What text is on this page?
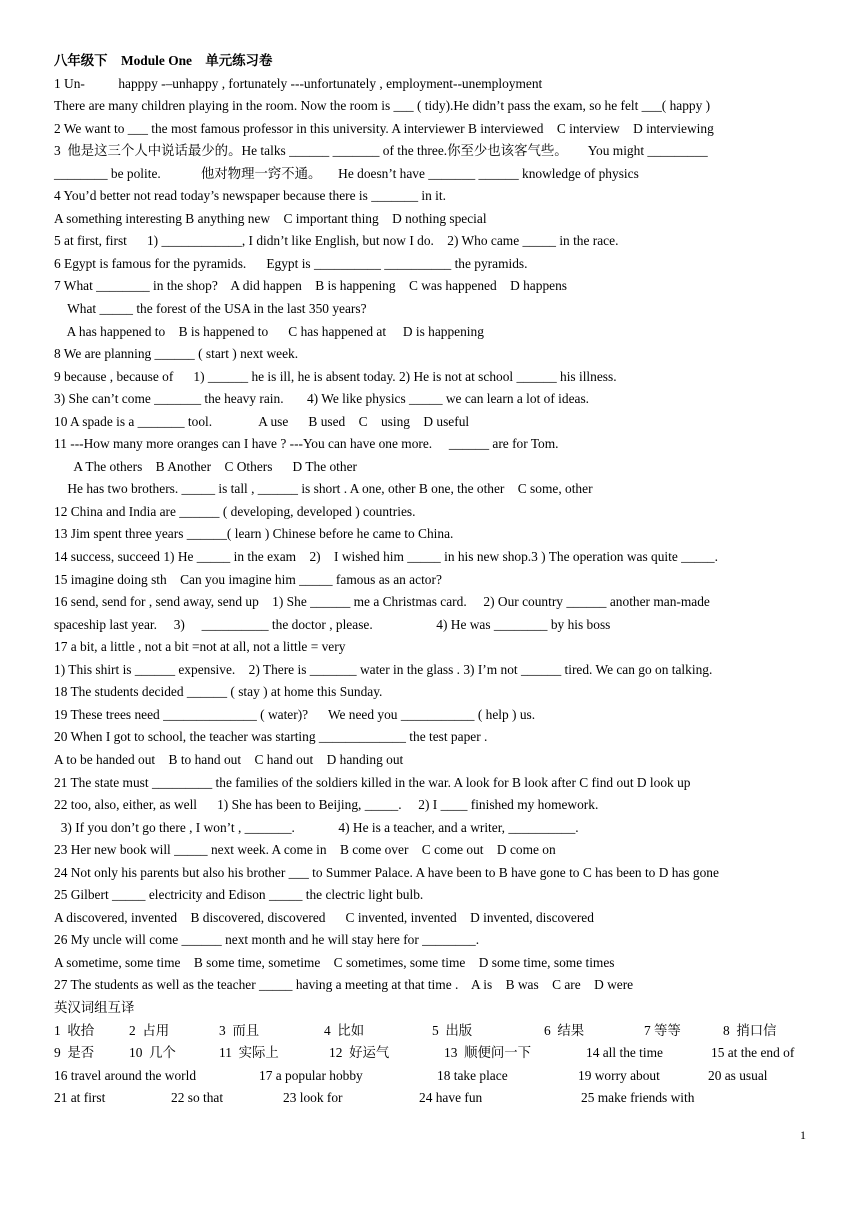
八年级下    Module One    单元练习卷
1 Un-          happpy -–unhappy , fortunately ---unfortunately , employment--unemployment
There are many children playing in the room. Now the room is ___ ( tidy).He didn’t pass the exam, so he felt ___( happy )
2 We want to ___ the most famous professor in this university. A interviewer B interviewed    C interview    D interviewing
3  他是这三个人中说话最少的。He talks ______ _______ of the three.你至少也该客气些。      You might _________
________ be polite.            他对物理一窍不通。     He doesn’t have _______ ______ knowledge of physics
4 You’d better not read today’s newspaper because there is _______ in it.
A something interesting B anything new    C important thing    D nothing special
5 at first, first      1) ____________, I didn’t like English, but now I do.    2) Who came _____ in the race.
6 Egypt is famous for the pyramids.      Egypt is __________ __________ the pyramids.
7 What ________ in the shop?    A did happen    B is happening    C was happened    D happens
What _____ the forest of the USA in the last 350 years?
A has happened to    B is happened to      C has happened at     D is happening
8 We are planning ______ ( start ) next week.
9 because , because of      1) ______ he is ill, he is absent today. 2) He is not at school ______ his illness.
3) She can’t come _______ the heavy rain.       4) We like physics _____ we can learn a lot of ideas.
10 A spade is a _______ tool.              A use      B used    C    using    D useful
11 ---How many more oranges can I have ? ---You can have one more.     ______ are for Tom.
A The others    B Another    C Others      D The other
He has two brothers. _____ is tall , ______ is short . A one, other B one, the other    C some, other
12 China and India are ______ ( developing, developed ) countries.
13 Jim spent three years ______( learn ) Chinese before he came to China.
14 success, succeed 1) He _____ in the exam    2)    I wished him _____ in his new shop.3 ) The operation was quite _____.
15 imagine doing sth    Can you imagine him _____ famous as an actor?
16 send, send for , send away, send up    1) She ______ me a Christmas card.     2) Our country ______ another man-made
spaceship last year.     3)     __________ the doctor , please.                   4) He was ________ by his boss
17 a bit, a little , not a bit =not at all, not a little = very
1) This shirt is ______ expensive.    2) There is _______ water in the glass . 3) I’m not ______ tired. We can go on talking.
18 The students decided ______ ( stay ) at home this Sunday.
19 These trees need ______________ ( water)?      We need you ___________ ( help ) us.
20 When I got to school, the teacher was starting _____________ the test paper .
A to be handed out    B to hand out    C hand out    D handing out
21 The state must _________ the families of the soldiers killed in the war. A look for B look after C find out D look up
22 too, also, either, as well      1) She has been to Beijing, _____.     2) I ____ finished my homework.
3) If you don’t go there , I won’t , _______.             4) He is a teacher, and a writer, __________.
23 Her new book will _____ next week. A come in    B come over    C come out    D come on
24 Not only his parents but also his brother ___ to Summer Palace. A have been to B have gone to C has been to D has gone
25 Gilbert _____ electricity and Edison _____ the clectric light bulb.
A discovered, invented    B discovered, discovered      C invented, invented    D invented, discovered
26 My uncle will come ______ next month and he will stay here for ________.
A sometime, some time    B some time, sometime    C sometimes, some time    D some time, some times
27 The students as well as the teacher _____ having a meeting at that time .    A is    B was    C are    D were
英汉词组互译
1  收拾	2  占用	3  而且	4  比如	5  出版	6  结果	7 等等	8  捎口信
9  是否	10  几个	11  实际上	12  好运气	13  顺便问一下	14 all the time	15 at the end of
16 travel around the world	17 a popular hobby	18 take place	19 worry about	20 as usual
21 at first	22 so that	23 look for	24 have fun	25 make friends with
1
